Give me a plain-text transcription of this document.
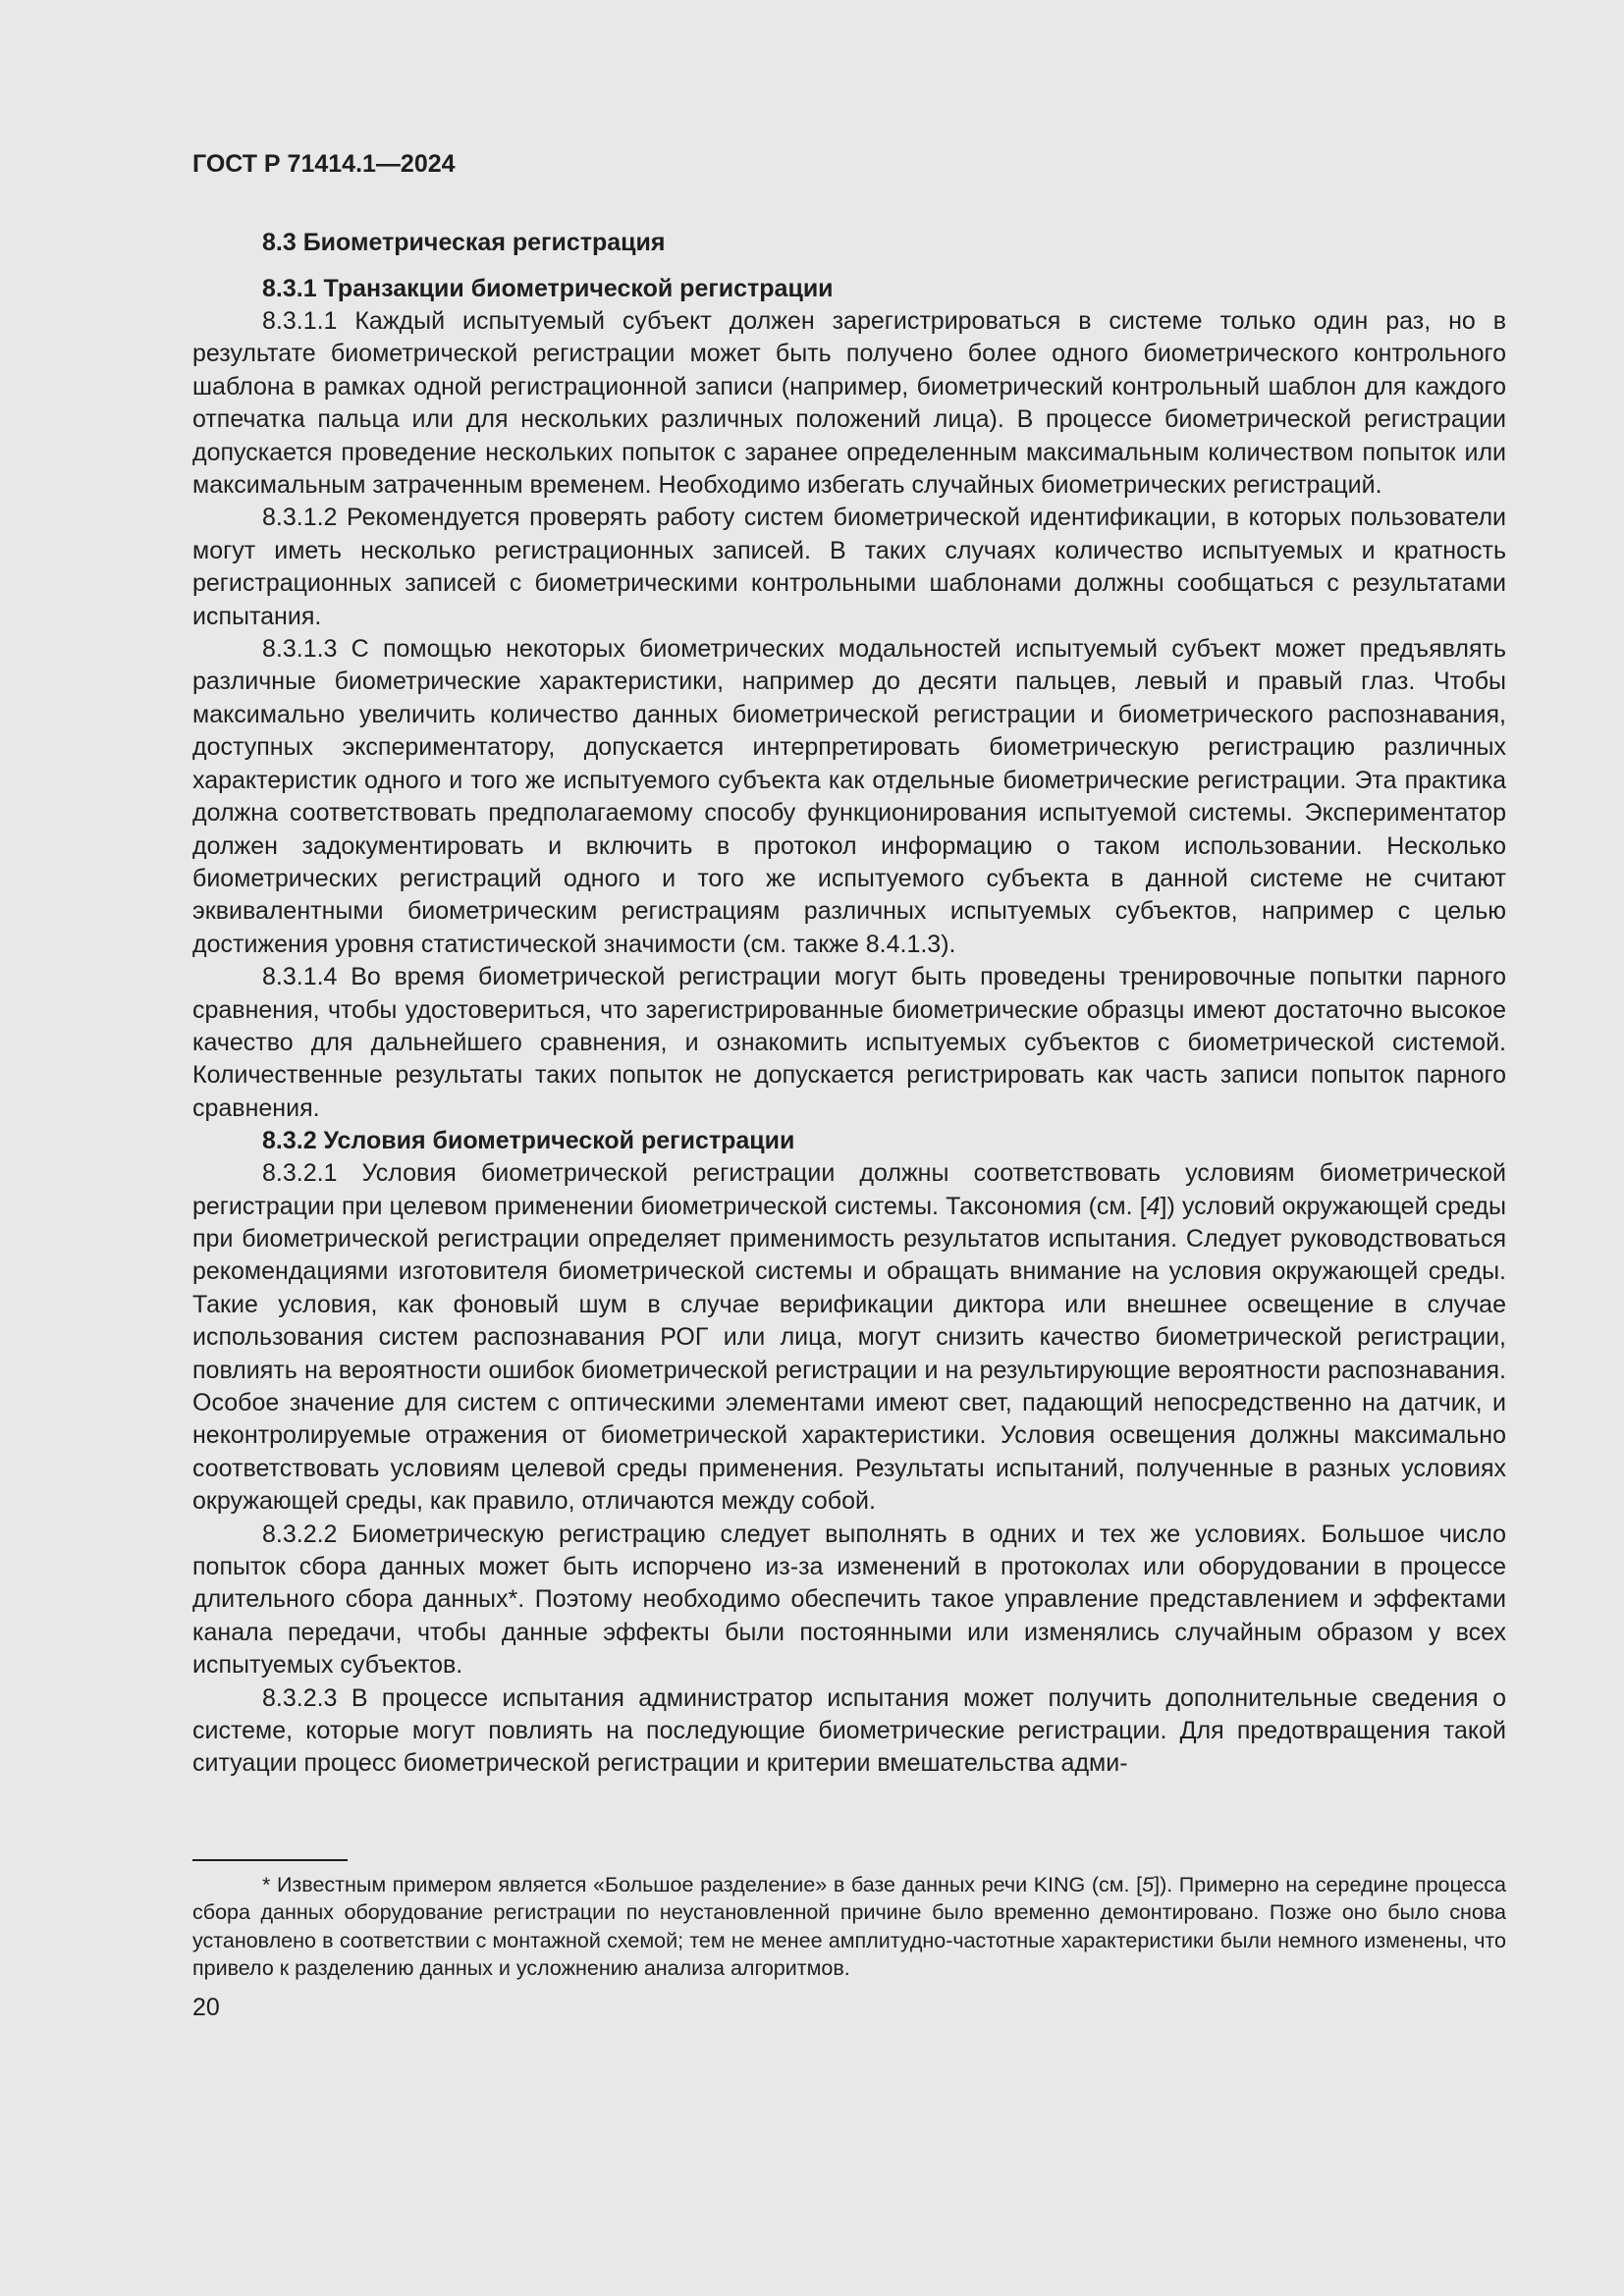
ГОСТ Р 71414.1—2024
8.3 Биометрическая регистрация
8.3.1 Транзакции биометрической регистрации

8.3.1.1 Каждый испытуемый субъект должен зарегистрироваться в системе только один раз, но в результате биометрической регистрации может быть получено более одного биометрического контрольного шаблона в рамках одной регистрационной записи (например, биометрический контрольный шаблон для каждого отпечатка пальца или для нескольких различных положений лица). В процессе биометрической регистрации допускается проведение нескольких попыток с заранее определенным максимальным количеством попыток или максимальным затраченным временем. Необходимо избегать случайных биометрических регистраций.

8.3.1.2 Рекомендуется проверять работу систем биометрической идентификации, в которых пользователи могут иметь несколько регистрационных записей. В таких случаях количество испытуемых и кратность регистрационных записей с биометрическими контрольными шаблонами должны сообщаться с результатами испытания.

8.3.1.3 С помощью некоторых биометрических модальностей испытуемый субъект может предъявлять различные биометрические характеристики, например до десяти пальцев, левый и правый глаз. Чтобы максимально увеличить количество данных биометрической регистрации и биометрического распознавания, доступных экспериментатору, допускается интерпретировать биометрическую регистрацию различных характеристик одного и того же испытуемого субъекта как отдельные биометрические регистрации. Эта практика должна соответствовать предполагаемому способу функционирования испытуемой системы. Экспериментатор должен задокументировать и включить в протокол информацию о таком использовании. Несколько биометрических регистраций одного и того же испытуемого субъекта в данной системе не считают эквивалентными биометрическим регистрациям различных испытуемых субъектов, например с целью достижения уровня статистической значимости (см. также 8.4.1.3).

8.3.1.4 Во время биометрической регистрации могут быть проведены тренировочные попытки парного сравнения, чтобы удостовериться, что зарегистрированные биометрические образцы имеют достаточно высокое качество для дальнейшего сравнения, и ознакомить испытуемых субъектов с биометрической системой. Количественные результаты таких попыток не допускается регистрировать как часть записи попыток парного сравнения.

8.3.2 Условия биометрической регистрации

8.3.2.1 Условия биометрической регистрации должны соответствовать условиям биометрической регистрации при целевом применении биометрической системы. Таксономия (см. [4]) условий окружающей среды при биометрической регистрации определяет применимость результатов испытания. Следует руководствоваться рекомендациями изготовителя биометрической системы и обращать внимание на условия окружающей среды. Такие условия, как фоновый шум в случае верификации диктора или внешнее освещение в случае использования систем распознавания РОГ или лица, могут снизить качество биометрической регистрации, повлиять на вероятности ошибок биометрической регистрации и на результирующие вероятности распознавания. Особое значение для систем с оптическими элементами имеют свет, падающий непосредственно на датчик, и неконтролируемые отражения от биометрической характеристики. Условия освещения должны максимально соответствовать условиям целевой среды применения. Результаты испытаний, полученные в разных условиях окружающей среды, как правило, отличаются между собой.

8.3.2.2 Биометрическую регистрацию следует выполнять в одних и тех же условиях. Большое число попыток сбора данных может быть испорчено из-за изменений в протоколах или оборудовании в процессе длительного сбора данных*. Поэтому необходимо обеспечить такое управление представлением и эффектами канала передачи, чтобы данные эффекты были постоянными или изменялись случайным образом у всех испытуемых субъектов.

8.3.2.3 В процессе испытания администратор испытания может получить дополнительные сведения о системе, которые могут повлиять на последующие биометрические регистрации. Для предотвращения такой ситуации процесс биометрической регистрации и критерии вмешательства адми-

* Известным примером является «Большое разделение» в базе данных речи KING (см. [5]). Примерно на середине процесса сбора данных оборудование регистрации по неустановленной причине было временно демонтировано. Позже оно было снова установлено в соответствии с монтажной схемой; тем не менее амплитудно-частотные характеристики были немного изменены, что привело к разделению данных и усложнению анализа алгоритмов.

20
